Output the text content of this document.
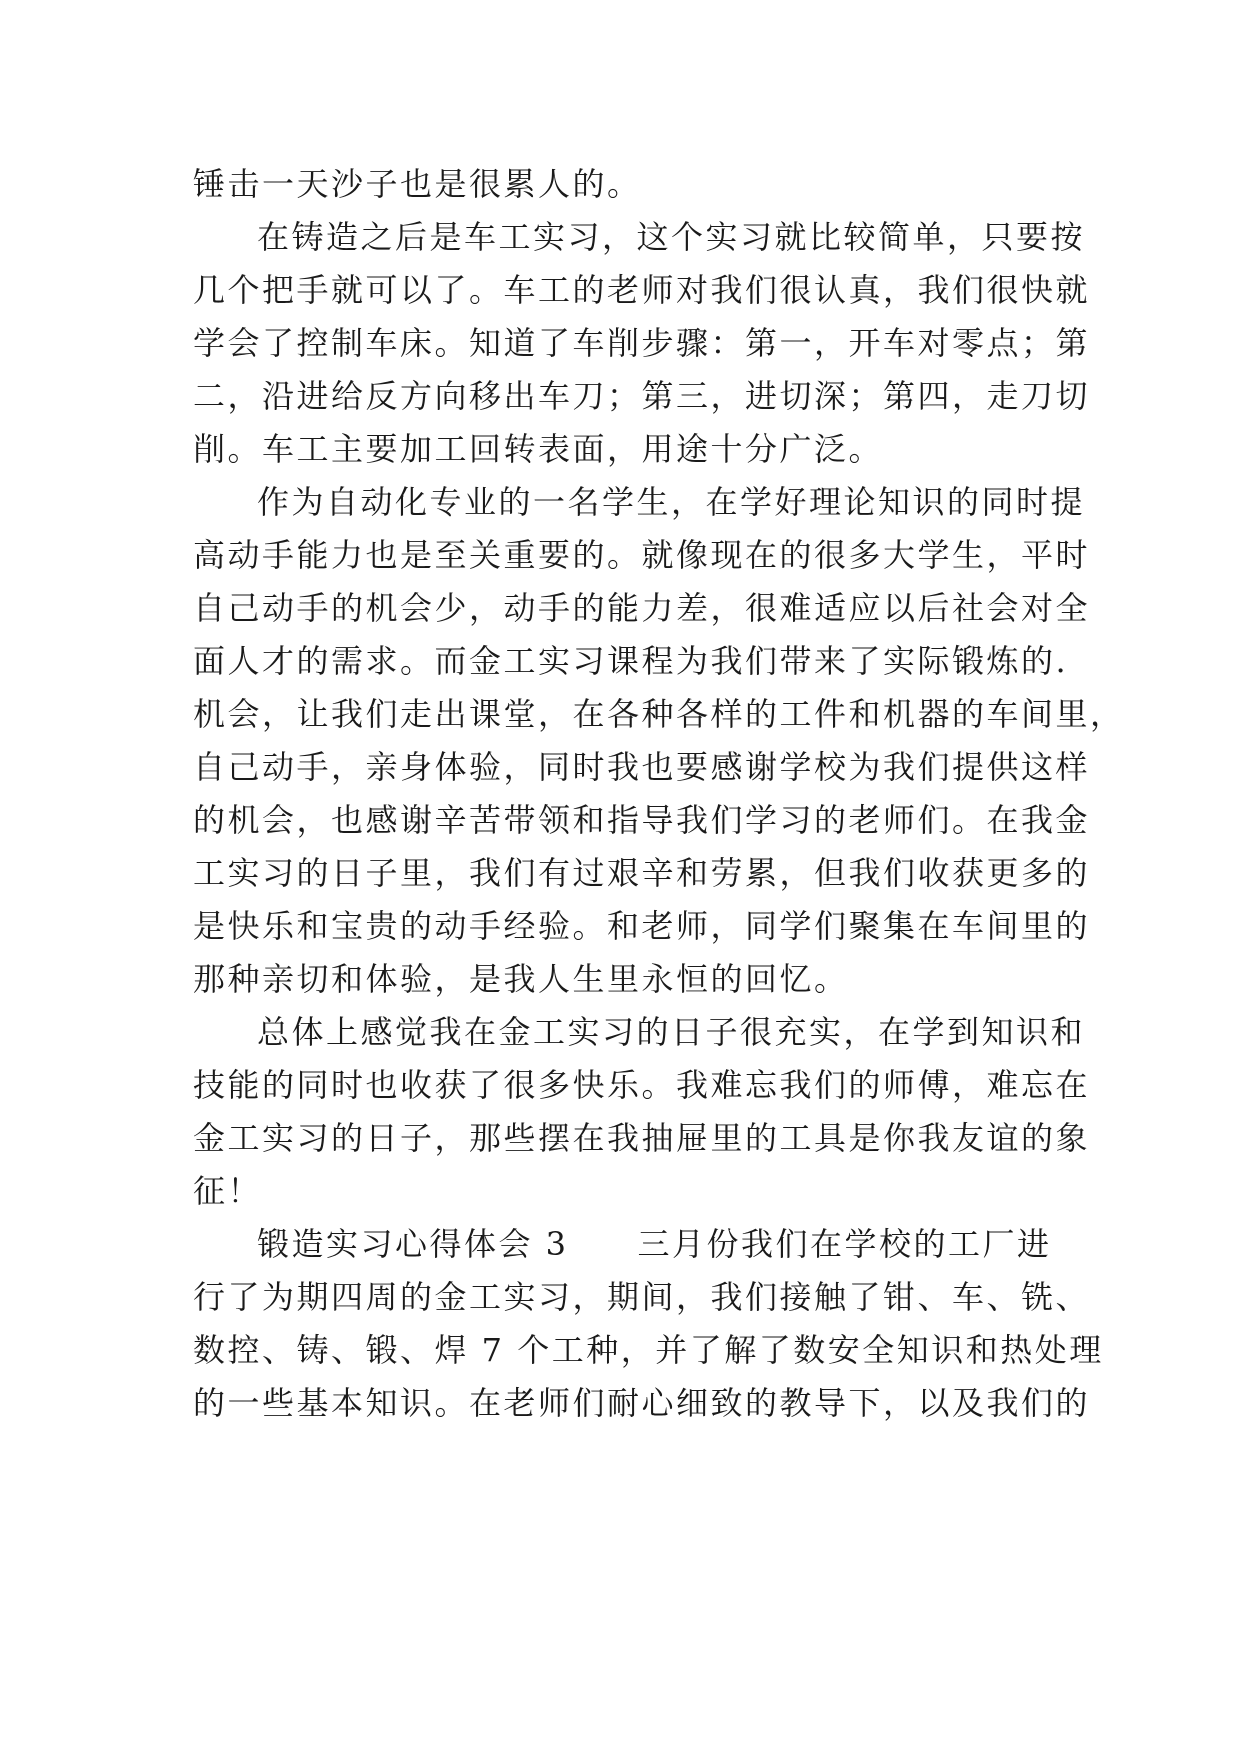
锤击一天沙子也是很累人的。
在铸造之后是车工实习，这个实习就比较简单，只要按
几个把手就可以了。车工的老师对我们很认真，我们很快就
学会了控制车床。知道了车削步骤：第一，开车对零点；第
二，沿进给反方向移出车刀；第三，进切深；第四，走刀切
削。车工主要加工回转表面，用途十分广泛。
作为自动化专业的一名学生，在学好理论知识的同时提
高动手能力也是至关重要的。就像现在的很多大学生，平时
自己动手的机会少，动手的能力差，很难适应以后社会对全
面人才的需求。而金工实习课程为我们带来了实际锻炼的.
机会，让我们走出课堂，在各种各样的工件和机器的车间里，
自己动手，亲身体验，同时我也要感谢学校为我们提供这样
的机会，也感谢辛苦带领和指导我们学习的老师们。在我金
工实习的日子里，我们有过艰辛和劳累，但我们收获更多的
是快乐和宝贵的动手经验。和老师，同学们聚集在车间里的
那种亲切和体验，是我人生里永恒的回忆。
总体上感觉我在金工实习的日子很充实，在学到知识和
技能的同时也收获了很多快乐。我难忘我们的师傅，难忘在
金工实习的日子，那些摆在我抽屉里的工具是你我友谊的象
征！
锻造实习心得体会 3　　三月份我们在学校的工厂进
行了为期四周的金工实习，期间，我们接触了钳、车、铣、
数控、铸、锻、焊 7 个工种，并了解了数安全知识和热处理
的一些基本知识。在老师们耐心细致的教导下，以及我们的
